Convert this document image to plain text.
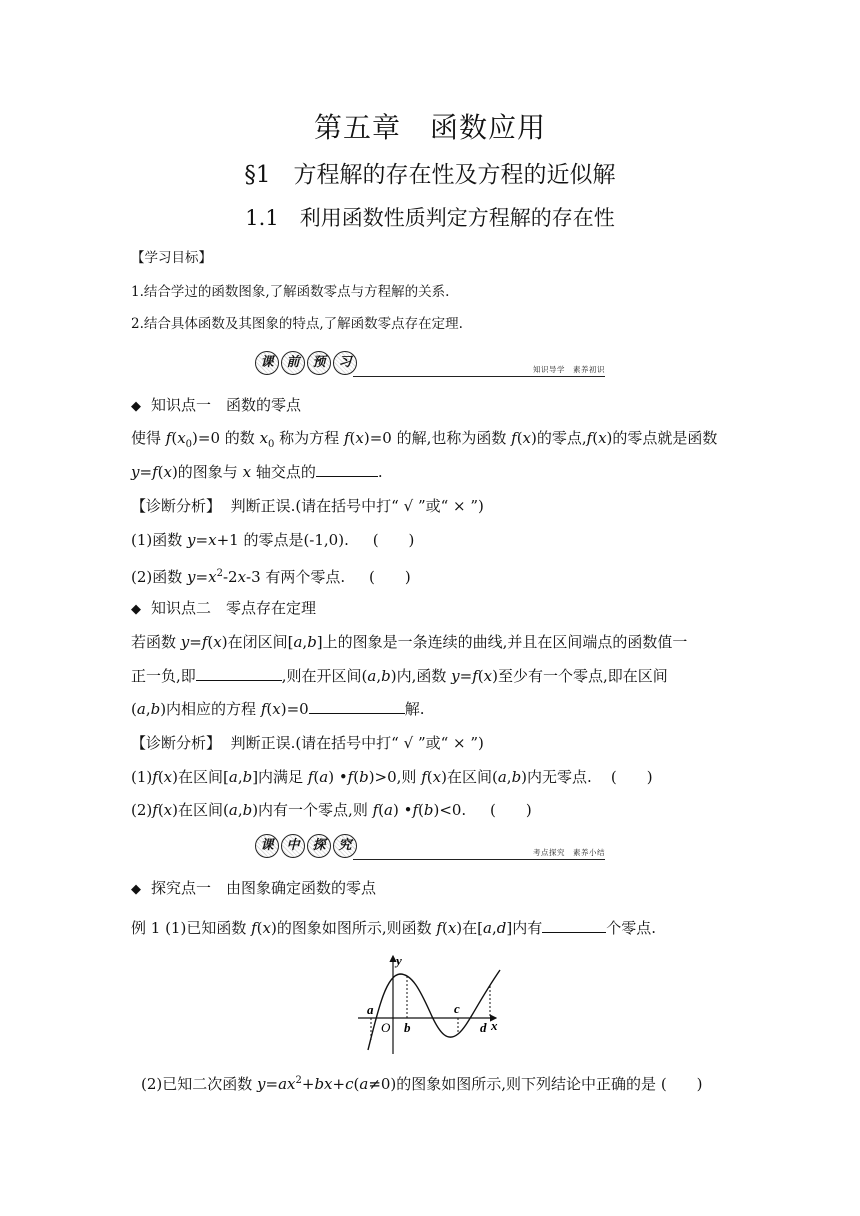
第五章　函数应用
§1　方程解的存在性及方程的近似解
1.1　利用函数性质判定方程解的存在性
【学习目标】
1.结合学过的函数图象,了解函数零点与方程解的关系.
2.结合具体函数及其图象的特点,了解函数零点存在定理.
课 前 预 习	知识导学　素养初识
◆ 知识点一　函数的零点
使得 $f(x_0)=0$ 的数 $x_0$ 称为方程 f(x)=0 的解,也称为函数 f(x)的零点,f(x)的零点就是函数
y=f(x)的图象与 x 轴交点的	.
【诊断分析】 判断正误.(请在括号中打“ √ ”或“ × ”)
(1)函数 y=x+1 的零点是(-1,0). (　　)
(2)函数 $y=x^2-2x-3$ 有两个零点. (　　)
◆ 知识点二　零点存在定理
若函数 y=f(x)在闭区间[a,b]上的图象是一条连续的曲线,并且在区间端点的函数值一
正一负,即	,则在开区间(a,b)内,函数 y=f(x)至少有一个零点,即在区间
(a,b)内相应的方程 f(x)=0	解.
【诊断分析】 判断正误.(请在括号中打“ √ ”或“ × ”)
(1)f(x)在区间[a,b]内满足 f(a) •f(b)>0,则 f(x)在区间(a,b)内无零点. (　　)
(2)f(x)在区间(a,b)内有一个零点,则 f(a) •f(b)<0. (　　)
课 中 探 究	考点探究　素养小结
◆ 探究点一　由图象确定函数的零点
例 1 (1)已知函数 f(x)的图象如图所示,则函数 f(x)在[a,d]内有	个零点.
y
x
O
a
b
c
d
(2)已知二次函数 $y=ax^2+bx+c(a\ne 0)$的图象如图所示,则下列结论中正确的是 (　　)
